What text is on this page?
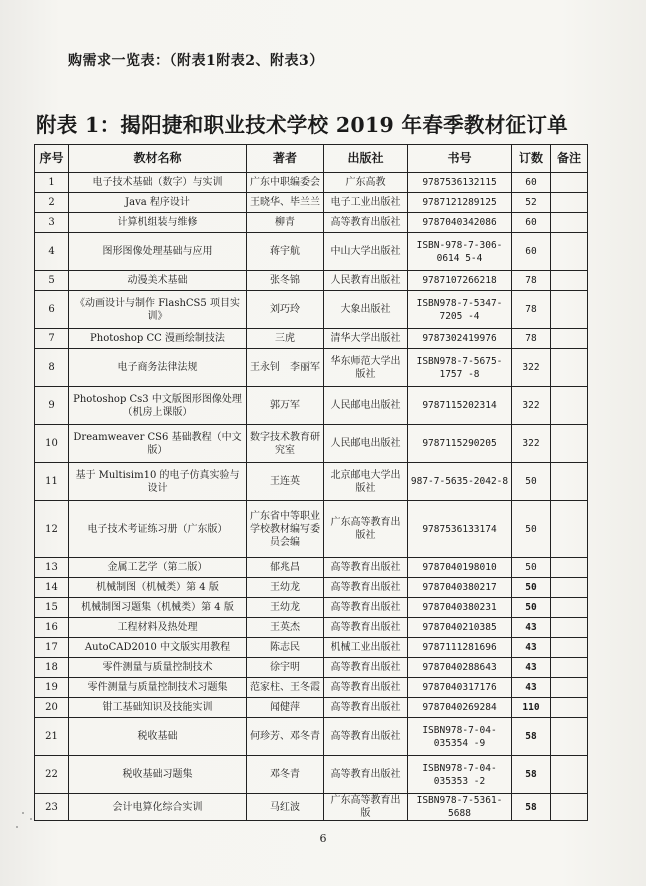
购需求一览表：（附表1附表2、附表3）
附表 1：揭阳捷和职业技术学校 2019 年春季教材征订单
序号	教材名称	著者	出版社	书号	订数	备注
1	电子技术基础（数字）与实训	广东中职编委会	广东高教	9787536132115	60	
2	Java 程序设计	王晓华、毕兰兰	电子工业出版社	9787121289125	52	
3	计算机组装与维修	柳青	高等教育出版社	9787040342086	60	
4	图形图像处理基础与应用	蒋宇航	中山大学出版社	ISBN-978-7-306-0614 5-4	60	
5	动漫美术基础	张冬锦	人民教育出版社	9787107266218	78	
6	《动画设计与制作 FlashCS5 项目实训》	刘巧玲	大象出版社	ISBN978-7-5347-7205 -4	78	
7	Photoshop CC 漫画绘制技法	三虎	清华大学出版社	9787302419976	78	
8	电子商务法律法规	王永钊　李丽军	华东师范大学出版社	ISBN978-7-5675-1757 -8	322	
9	Photoshop Cs3 中文版图形图像处理（机房上课版）	郭万军	人民邮电出版社	9787115202314	322	
10	Dreamweaver CS6 基础教程（中文版）	数字技术教育研究室	人民邮电出版社	9787115290205	322	
11	基于 Multisim10 的电子仿真实验与设计	王连英	北京邮电大学出版社	987-7-5635-2042-8	50	
12	电子技术考证练习册（广东版）	广东省中等职业学校教材编写委员会编	广东高等教育出版社	9787536133174	50	
13	金属工艺学（第二版）	郁兆昌	高等教育出版社	9787040198010	50	
14	机械制图（机械类）第 4 版	王幼龙	高等教育出版社	9787040380217	50	
15	机械制图习题集（机械类）第 4 版	王幼龙	高等教育出版社	9787040380231	50	
16	工程材料及热处理	王英杰	高等教育出版社	9787040210385	43	
17	AutoCAD2010 中文版实用教程	陈志民	机械工业出版社	9787111281696	43	
18	零件测量与质量控制技术	徐宇明	高等教育出版社	9787040288643	43	
19	零件测量与质量控制技术习题集	范家柱、王冬霞	高等教育出版社	9787040317176	43	
20	钳工基础知识及技能实训	闻健萍	高等教育出版社	9787040269284	110	
21	税收基础	何珍芳、邓冬青	高等教育出版社	ISBN978-7-04-035354 -9	58	
22	税收基础习题集	邓冬青	高等教育出版社	ISBN978-7-04-035353 -2	58	
23	会计电算化综合实训	马红波	广东高等教育出版	ISBN978-7-5361-5688	58	
6
